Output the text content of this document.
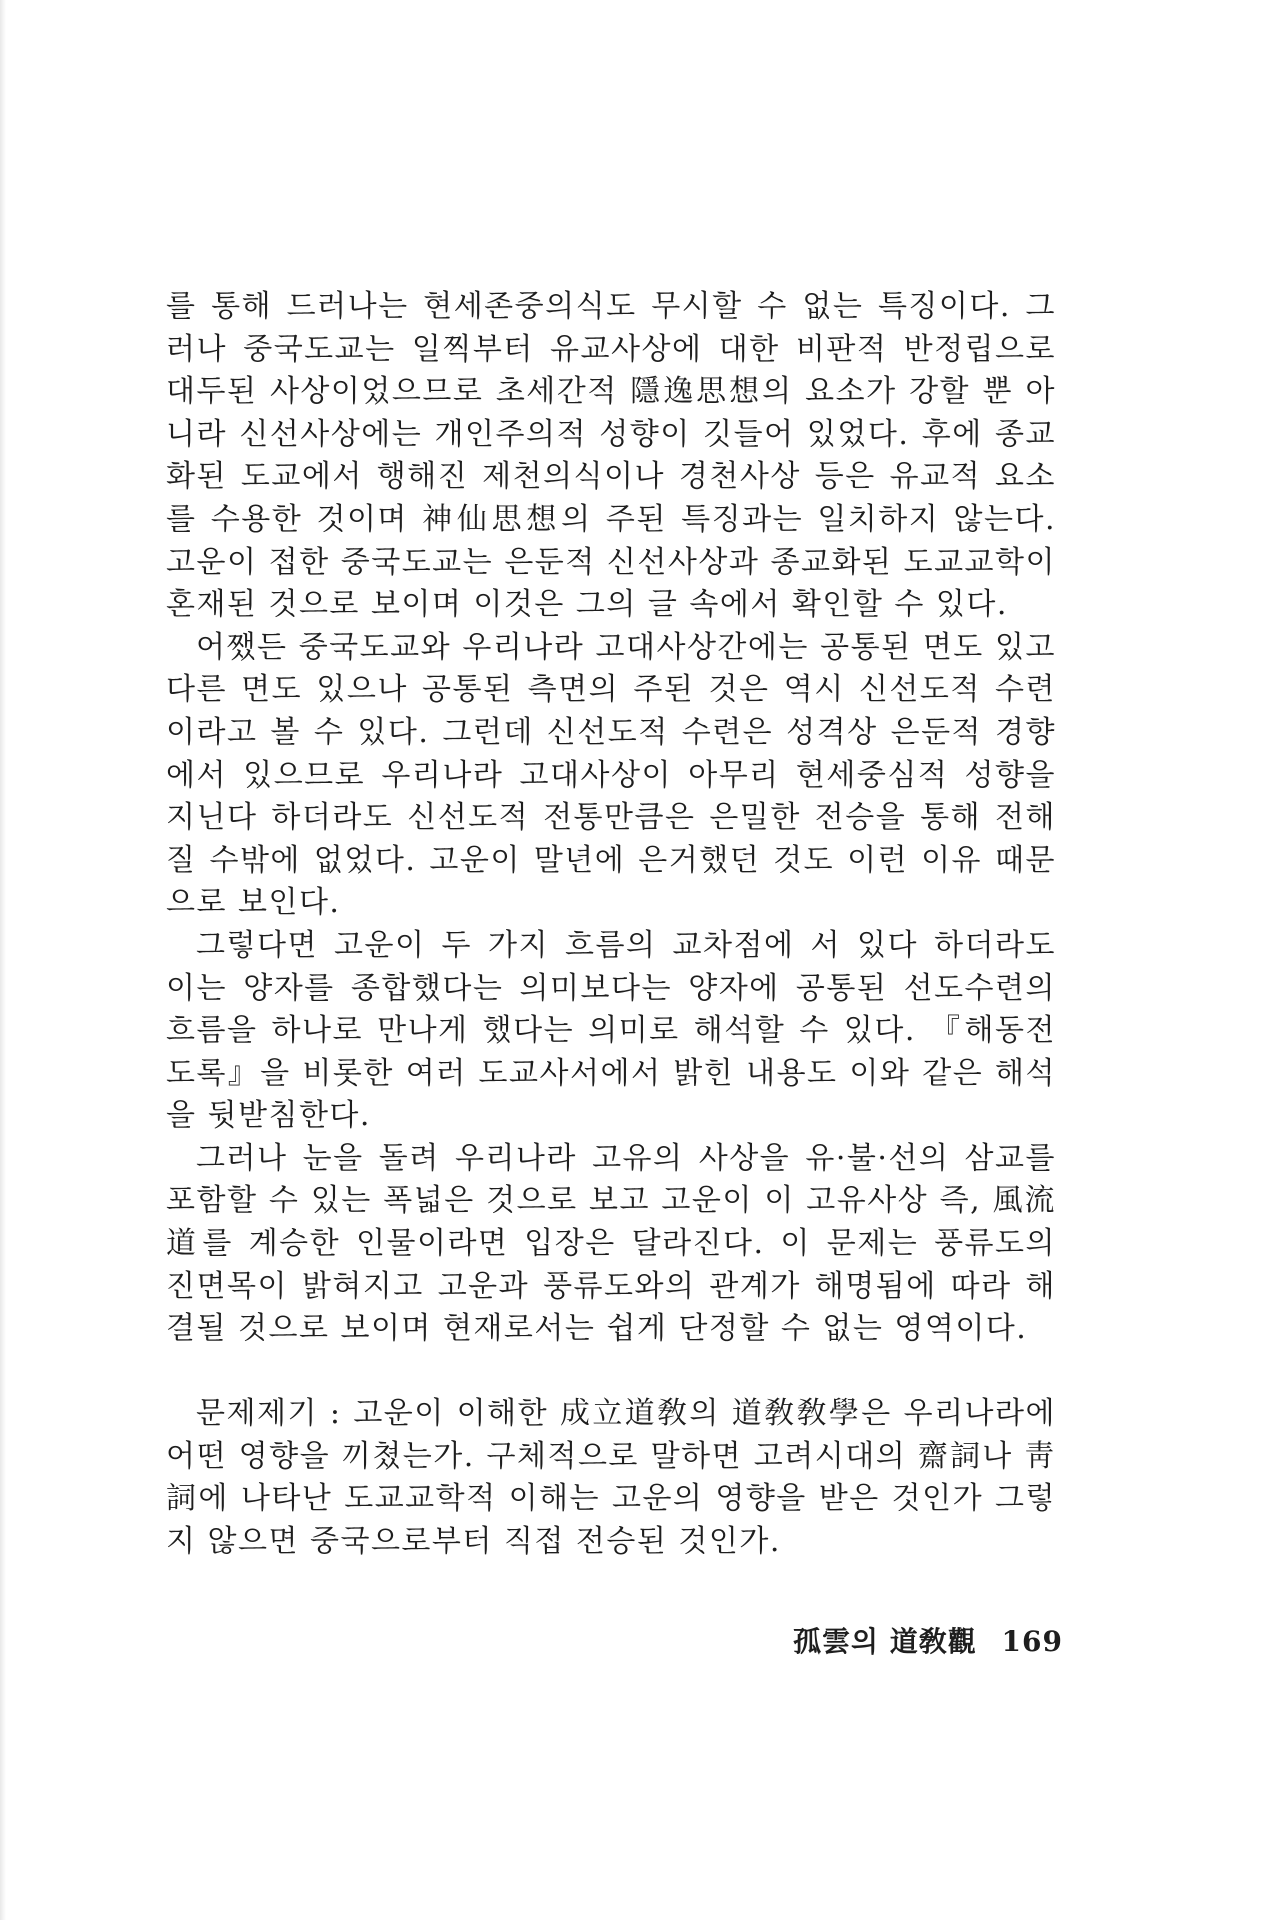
를 통해 드러나는 현세존중의식도 무시할 수 없는 특징이다. 그러나 중국도교는 일찍부터 유교사상에 대한 비판적 반정립으로 대두된 사상이었으므로 초세간적 隱逸思想의 요소가 강할 뿐 아니라 신선사상에는 개인주의적 성향이 깃들어 있었다. 후에 종교화된 도교에서 행해진 제천의식이나 경천사상 등은 유교적 요소를 수용한 것이며 神仙思想의 주된 특징과는 일치하지 않는다. 고운이 접한 중국도교는 은둔적 신선사상과 종교화된 도교교학이 혼재된 것으로 보이며 이것은 그의 글 속에서 확인할 수 있다.

어쨌든 중국도교와 우리나라 고대사상간에는 공통된 면도 있고 다른 면도 있으나 공통된 측면의 주된 것은 역시 신선도적 수련이라고 볼 수 있다. 그런데 신선도적 수련은 성격상 은둔적 경향에서 있으므로 우리나라 고대사상이 아무리 현세중심적 성향을 지닌다 하더라도 신선도적 전통만큼은 은밀한 전승을 통해 전해질 수밖에 없었다. 고운이 말년에 은거했던 것도 이런 이유 때문으로 보인다.

그렇다면 고운이 두 가지 흐름의 교차점에 서 있다 하더라도 이는 양자를 종합했다는 의미보다는 양자에 공통된 선도수련의 흐름을 하나로 만나게 했다는 의미로 해석할 수 있다. 『해동전도록』을 비롯한 여러 도교사서에서 밝힌 내용도 이와 같은 해석을 뒷받침한다.

그러나 눈을 돌려 우리나라 고유의 사상을 유·불·선의 삼교를 포함할 수 있는 폭넓은 것으로 보고 고운이 이 고유사상 즉, 風流道를 계승한 인물이라면 입장은 달라진다. 이 문제는 풍류도의 진면목이 밝혀지고 고운과 풍류도와의 관계가 해명됨에 따라 해결될 것으로 보이며 현재로서는 쉽게 단정할 수 없는 영역이다.

문제제기 : 고운이 이해한 成立道敎의 道敎敎學은 우리나라에 어떤 영향을 끼쳤는가. 구체적으로 말하면 고려시대의 齋詞나 靑詞에 나타난 도교교학적 이해는 고운의 영향을 받은 것인가 그렇지 않으면 중국으로부터 직접 전승된 것인가.

孤雲의 道敎觀 169
